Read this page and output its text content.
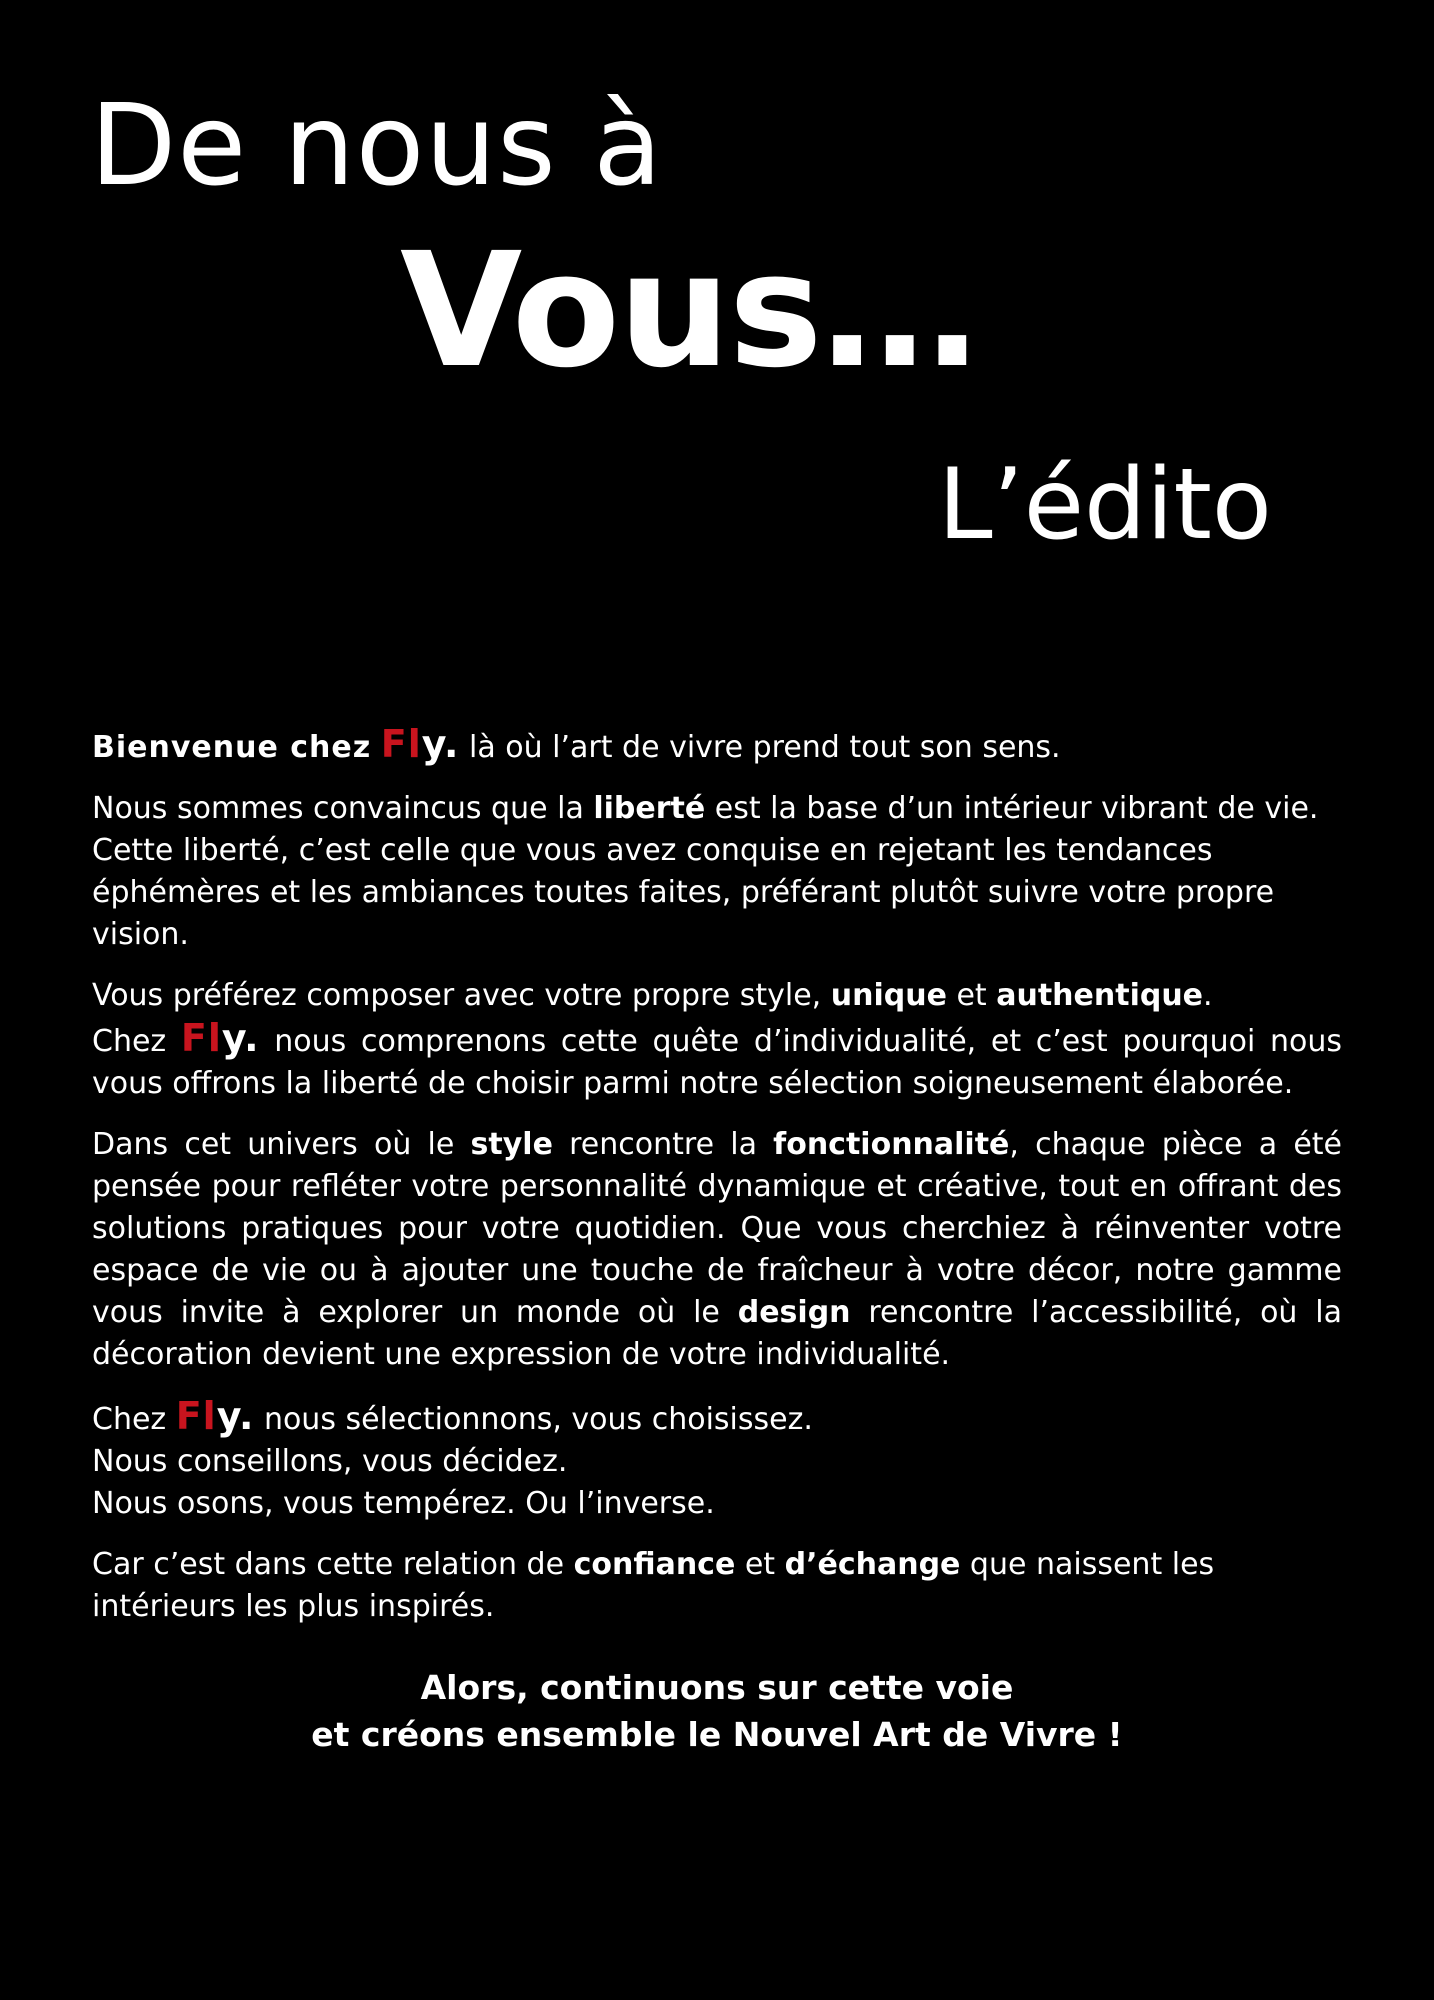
De nous à
Vous…
L’édito

Bienvenue chez Fly. là où l’art de vivre prend tout son sens.

Nous sommes convaincus que la liberté est la base d’un intérieur vibrant de vie.
Cette liberté, c’est celle que vous avez conquise en rejetant les tendances éphémères et les ambiances toutes faites, préférant plutôt suivre votre propre vision.

Vous préférez composer avec votre propre style, unique et authentique.
Chez Fly. nous comprenons cette quête d’individualité, et c’est pourquoi nous vous offrons la liberté de choisir parmi notre sélection soigneusement élaborée.

Dans cet univers où le style rencontre la fonctionnalité, chaque pièce a été pensée pour refléter votre personnalité dynamique et créative, tout en offrant des solutions pratiques pour votre quotidien. Que vous cherchiez à réinventer votre espace de vie ou à ajouter une touche de fraîcheur à votre décor, notre gamme vous invite à explorer un monde où le design rencontre l’accessibilité, où la décoration devient une expression de votre individualité.

Chez Fly. nous sélectionnons, vous choisissez.
Nous conseillons, vous décidez.
Nous osons, vous tempérez. Ou l’inverse.

Car c’est dans cette relation de confiance et d’échange que naissent les intérieurs les plus inspirés.

Alors, continuons sur cette voie
et créons ensemble le Nouvel Art de Vivre !
